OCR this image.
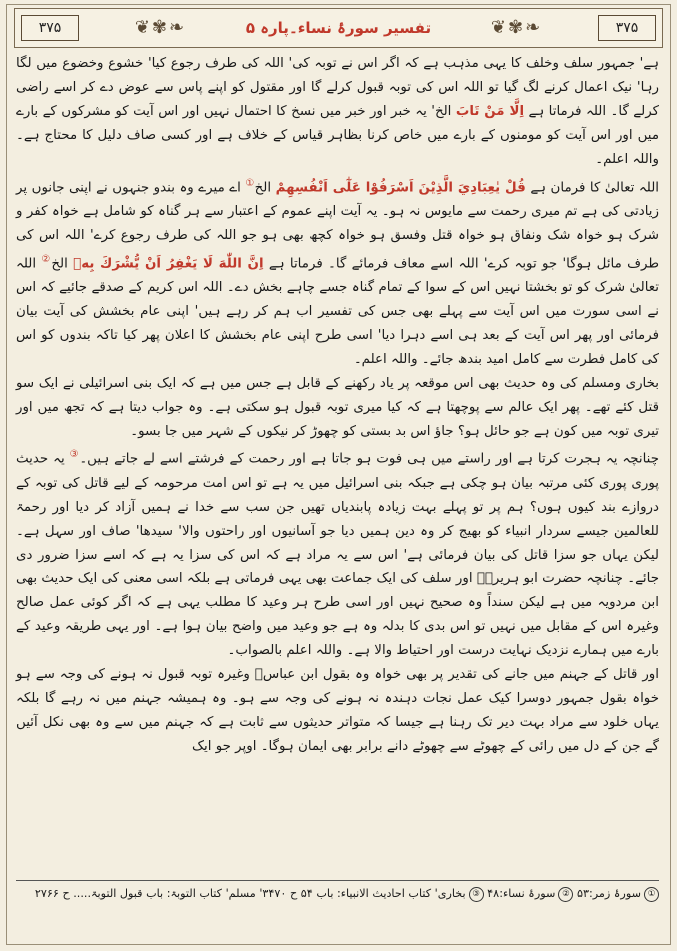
۳۷۵	❦✾❧	تفسیر سورۂ نساء۔پارہ ۵	❦✾❧	۳۷۵

ہے' جمہور سلف وخلف کا یہی مذہب ہے کہ اگر اس نے توبہ کی' اللہ کی طرف رجوع کیا' خشوع وخضوع میں لگا رہا' نیک اعمال کرنے لگ گیا تو اللہ اس کی توبہ قبول کرلے گا اور مقتول کو اپنے پاس سے عوض دے کر اسے راضی کرلے گا۔ اللہ فرماتا ہے اِلَّا مَنْ تَابَ الخ' یہ خبر اور خبر میں نسخ کا احتمال نہیں اور اس آیت کو مشرکوں کے بارے میں اور اس آیت کو مومنوں کے بارے میں خاص کرنا بظاہر قیاس کے خلاف ہے اور کسی صاف دلیل کا محتاج ہے۔ واللہ اعلم۔

اللہ تعالیٰ کا فرمان ہے قُلْ يٰعِبَادِيَ الَّذِيْنَ اَسْرَفُوْا عَلٰٓى اَنْفُسِهِمْ الخ① اے میرے وہ بندو جنہوں نے اپنی جانوں پر زیادتی کی ہے تم میری رحمت سے مایوس نہ ہو۔ یہ آیت اپنے عموم کے اعتبار سے ہر گناہ کو شامل ہے خواہ کفر و شرک ہو خواہ شک ونفاق ہو خواہ قتل وفسق ہو خواہ کچھ بھی ہو جو اللہ کی طرف رجوع کرے' اللہ اس کی طرف مائل ہوگا' جو توبہ کرے' اللہ اسے معاف فرمائے گا۔ فرماتا ہے اِنَّ اللّٰهَ لَا يَغْفِرُ اَنْ يُّشْرَكَ بِهٖ الخ② اللہ تعالیٰ شرک کو تو بخشتا نہیں اس کے سوا کے تمام گناہ جسے چاہے بخش دے۔ اللہ اس کریم کے صدقے جائیے کہ اس نے اسی سورت میں اس آیت سے پہلے بھی جس کی تفسیر اب ہم کر رہے ہیں' اپنی عام بخشش کی آیت بیان فرمائی اور پھر اس آیت کے بعد ہی اسے دہرا دیا' اسی طرح اپنی عام بخشش کا اعلان پھر کیا تاکہ بندوں کو اس کی کامل فطرت سے کامل امید بندھ جائے۔ واللہ اعلم۔

بخاری ومسلم کی وہ حدیث بھی اس موقعہ پر یاد رکھنے کے قابل ہے جس میں ہے کہ ایک بنی اسرائیلی نے ایک سو قتل کئے تھے۔ پھر ایک عالم سے پوچھتا ہے کہ کیا میری توبہ قبول ہو سکتی ہے۔ وہ جواب دیتا ہے کہ تجھ میں اور تیری توبہ میں کون ہے جو حائل ہو؟ جاؤ اس بد بستی کو چھوڑ کر نیکوں کے شہر میں جا بسو۔

چنانچہ یہ ہجرت کرتا ہے اور راستے میں ہی فوت ہو جاتا ہے اور رحمت کے فرشتے اسے لے جاتے ہیں۔③ یہ حدیث پوری پوری کئی مرتبہ بیان ہو چکی ہے جبکہ بنی اسرائیل میں یہ ہے تو اس امت مرحومہ کے لیے قاتل کی توبہ کے دروازے بند کیوں ہوں؟ ہم پر تو پہلے بہت زیادہ پابندیاں تھیں جن سب سے خدا نے ہمیں آزاد کر دیا اور رحمۃ للعالمین جیسے سردار انبیاء کو بھیج کر وہ دین ہمیں دیا جو آسانیوں اور راحتوں والا' سیدھا' صاف اور سہل ہے۔ لیکن یہاں جو سزا قاتل کی بیان فرمائی ہے' اس سے یہ مراد ہے کہ اس کی سزا یہ ہے کہ اسے سزا ضرور دی جائے۔ چنانچہ حضرت ابو ہریرہؓ اور سلف کی ایک جماعت بھی یہی فرماتی ہے بلکہ اسی معنی کی ایک حدیث بھی ابن مردویہ میں ہے لیکن سنداً وہ صحیح نہیں اور اسی طرح ہر وعید کا مطلب یہی ہے کہ اگر کوئی عمل صالح وغیرہ اس کے مقابل میں نہیں تو اس بدی کا بدلہ وہ ہے جو وعید میں واضح بیان ہوا ہے۔ اور یہی طریقہ وعید کے بارے میں ہمارے نزدیک نہایت درست اور احتیاط والا ہے۔ واللہ اعلم بالصواب۔

اور قاتل کے جہنم میں جانے کی تقدیر پر بھی خواہ وہ بقول ابن عباسؓ وغیرہ توبہ قبول نہ ہونے کی وجہ سے ہو خواہ بقول جمہور دوسرا کیک عمل نجات دہندہ نہ ہونے کی وجہ سے ہو۔ وہ ہمیشہ جہنم میں نہ رہے گا بلکہ یہاں خلود سے مراد بہت دیر تک رہنا ہے جیسا کہ متواتر حدیثوں سے ثابت ہے کہ جہنم میں سے وہ بھی نکل آئیں گے جن کے دل میں رائی کے چھوٹے سے چھوٹے دانے برابر بھی ایمان ہوگا۔ اوپر جو ایک

①سورۂ زمر:۵۳ ②سورۂ نساء:۴۸ ③بخاری' کتاب احادیث الانبیاء: باب ۵۴ ح ۳۴۷۰' مسلم' کتاب التوبۃ: باب قبول التوبۃ..... ح ۲۷۶۶
